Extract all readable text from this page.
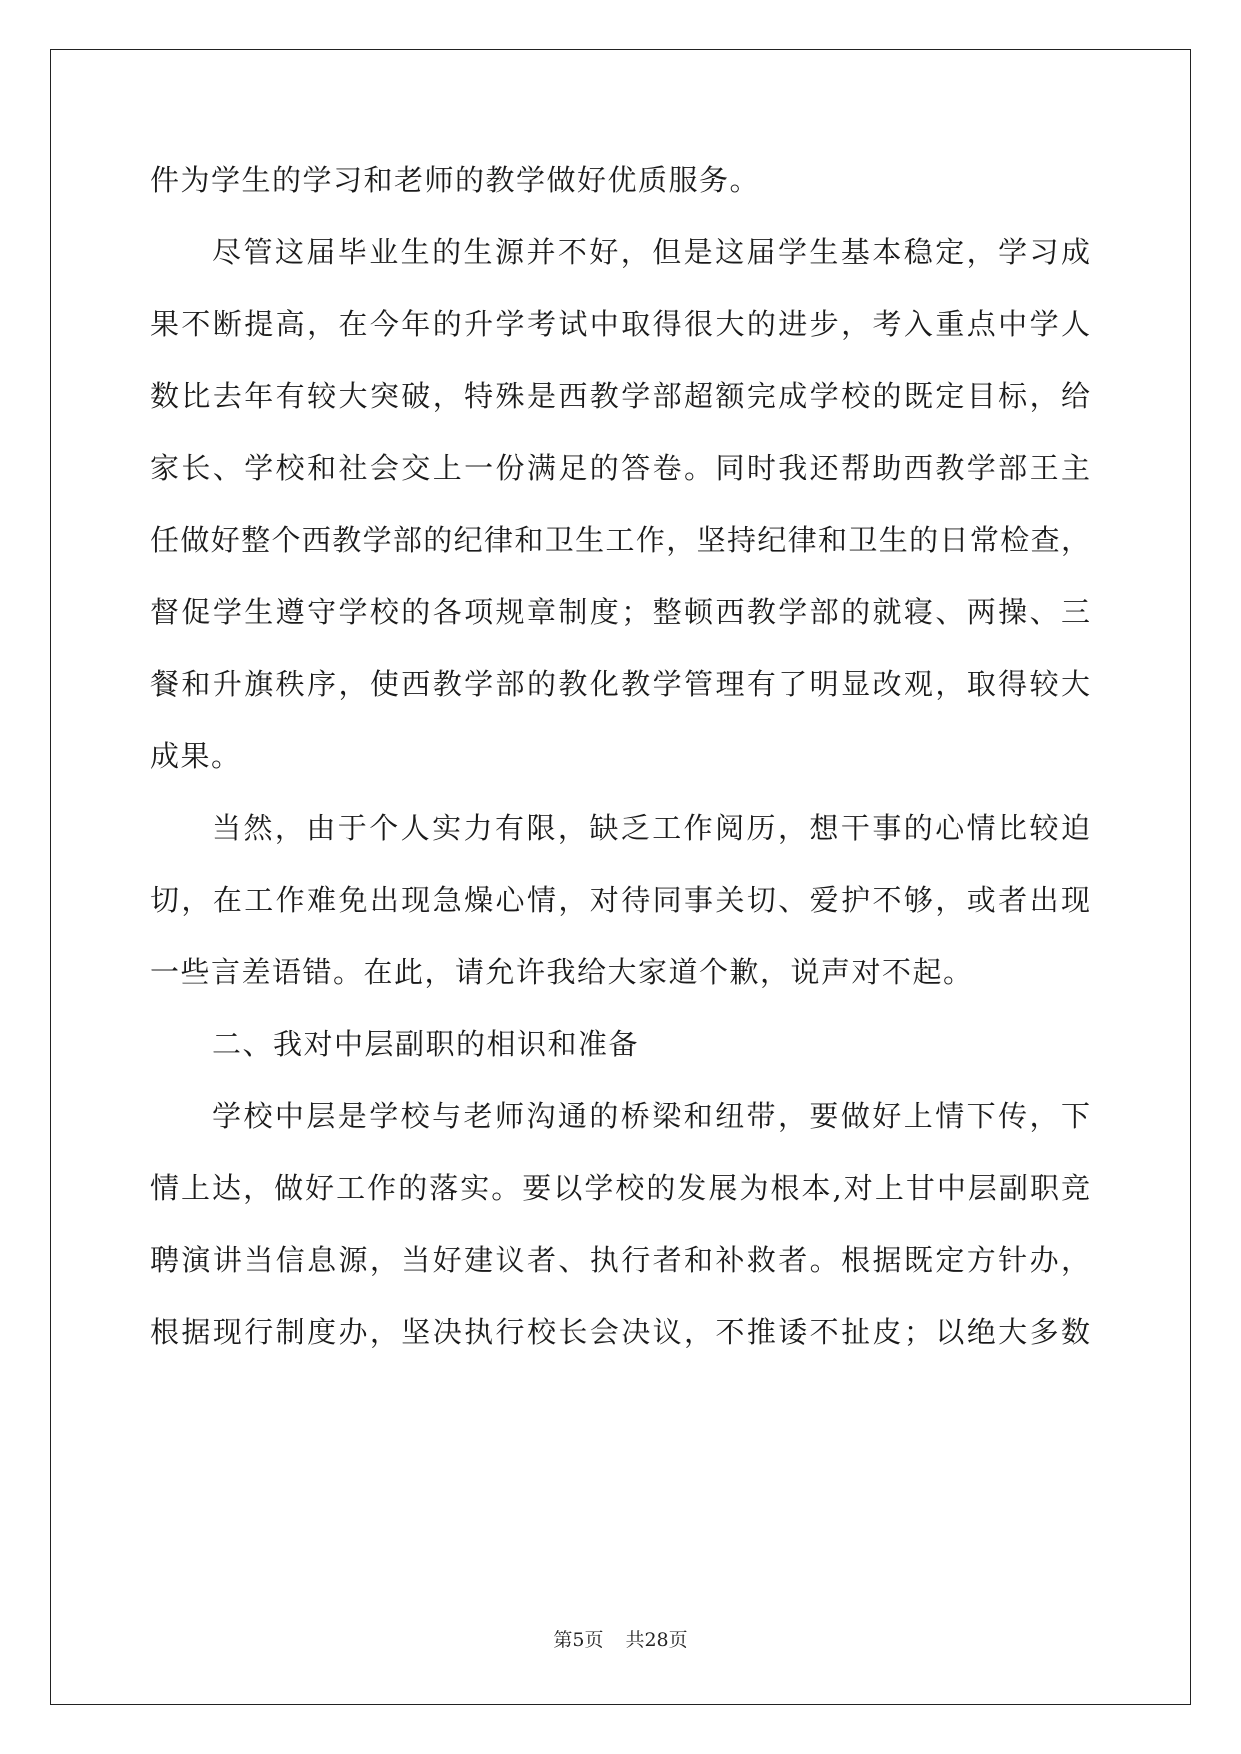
件为学生的学习和老师的教学做好优质服务。
尽管这届毕业生的生源并不好，但是这届学生基本稳定，学习成
果不断提高，在今年的升学考试中取得很大的进步，考入重点中学人
数比去年有较大突破，特殊是西教学部超额完成学校的既定目标，给
家长、学校和社会交上一份满足的答卷。同时我还帮助西教学部王主
任做好整个西教学部的纪律和卫生工作，坚持纪律和卫生的日常检查，
督促学生遵守学校的各项规章制度；整顿西教学部的就寝、两操、三
餐和升旗秩序，使西教学部的教化教学管理有了明显改观，取得较大
成果。
当然，由于个人实力有限，缺乏工作阅历，想干事的心情比较迫
切，在工作难免出现急燥心情，对待同事关切、爱护不够，或者出现
一些言差语错。在此，请允许我给大家道个歉，说声对不起。
二、我对中层副职的相识和准备
学校中层是学校与老师沟通的桥梁和纽带，要做好上情下传，下
情上达，做好工作的落实。要以学校的发展为根本,对上甘中层副职竞
聘演讲当信息源，当好建议者、执行者和补救者。根据既定方针办，
根据现行制度办，坚决执行校长会决议，不推诿不扯皮；以绝大多数
第5页 共28页
